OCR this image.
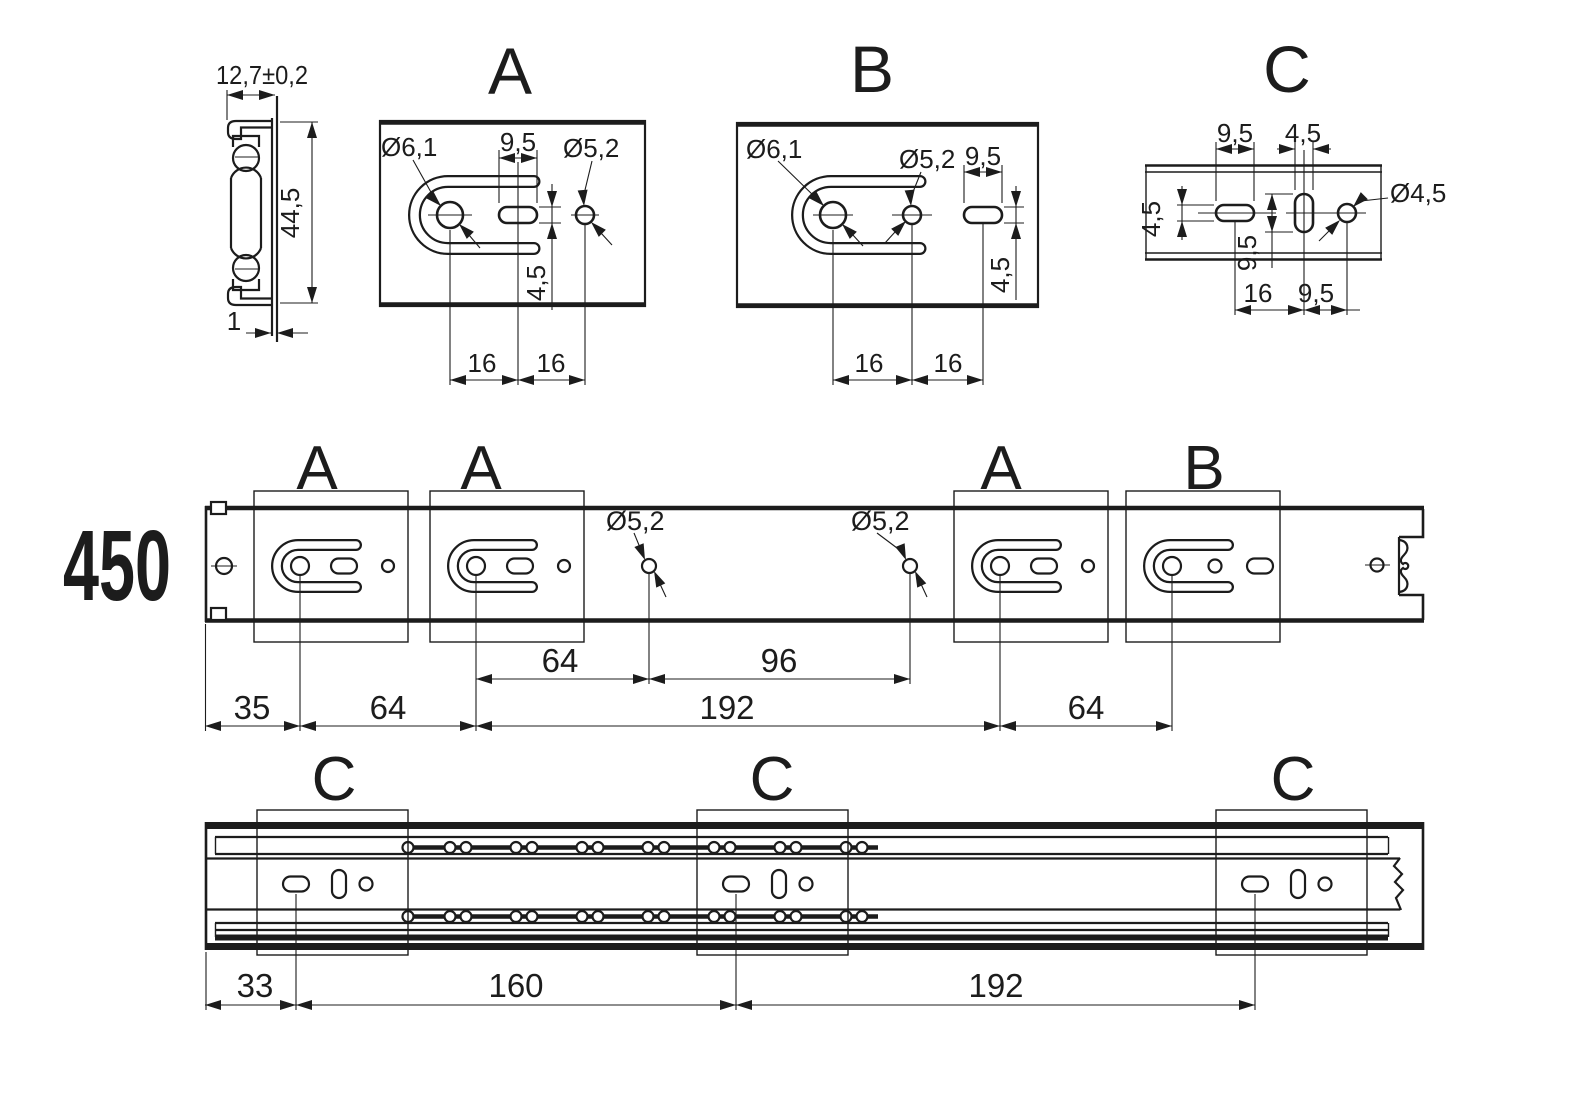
12,7±0,2
44,5
1
A
9,5
Ø6,1	Ø5,2
4,5
16 16
B
Ø6,1	Ø5,2 9,5
4,5
16 16
C
9,5 4,5
4,5
9,5
Ø4,5
16 9,5
450
A A	A	B
Ø5,2	Ø5,2
64	96
35	64	192	64
C	C	C
33	160	192
